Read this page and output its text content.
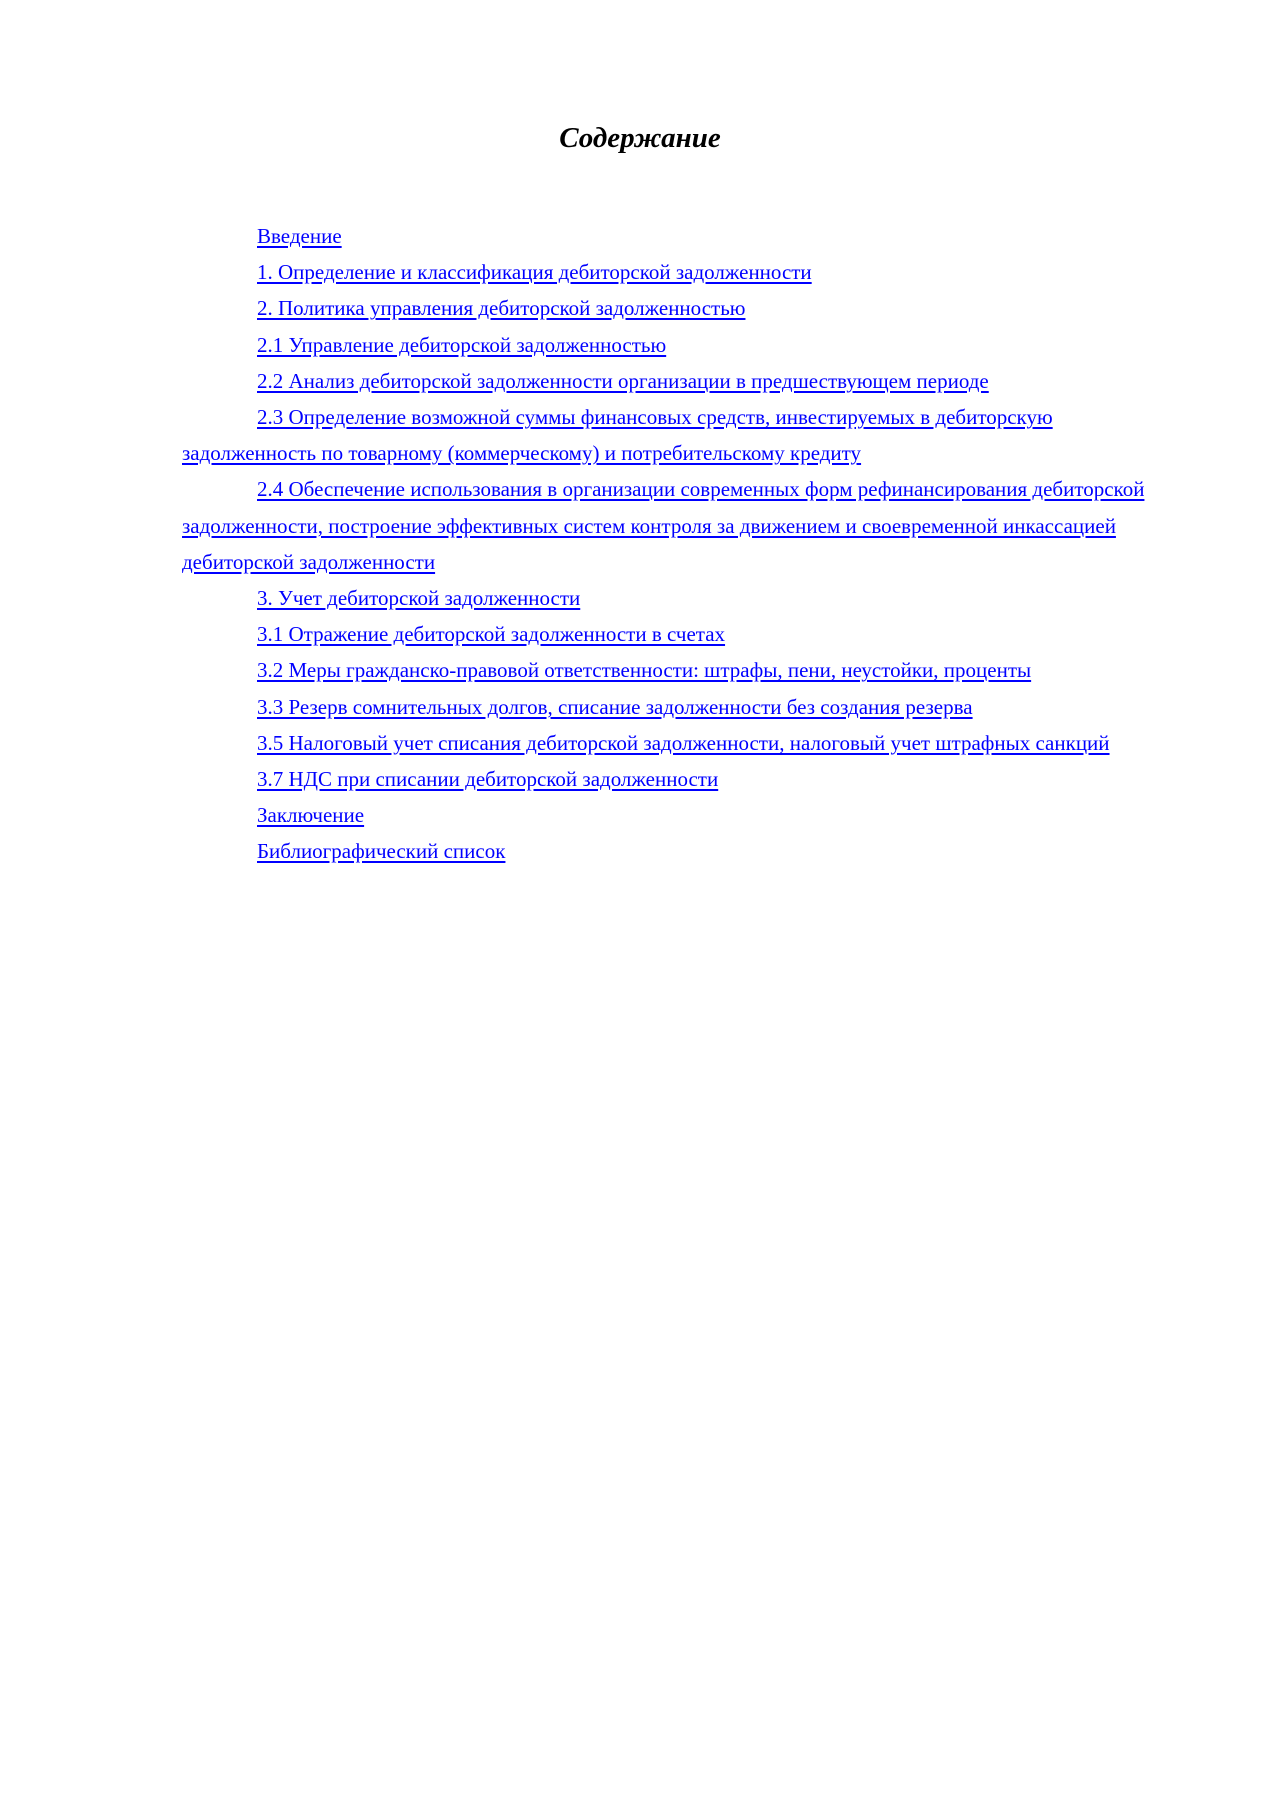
Содержание
Введение
1. Определение и классификация дебиторской задолженности
2. Политика управления дебиторской задолженностью
2.1 Управление дебиторской задолженностью
2.2 Анализ дебиторской задолженности организации в предшествующем периоде
2.3 Определение возможной суммы финансовых средств, инвестируемых в дебиторскую задолженность по товарному (коммерческому) и потребительскому кредиту
2.4 Обеспечение использования в организации современных форм рефинансирования дебиторской задолженности, построение эффективных систем контроля за движением и своевременной инкассацией дебиторской задолженности
3. Учет дебиторской задолженности
3.1 Отражение дебиторской задолженности в счетах
3.2 Меры гражданско-правовой ответственности: штрафы, пени, неустойки, проценты
3.3 Резерв сомнительных долгов, списание задолженности без создания резерва
3.5 Налоговый учет списания дебиторской задолженности, налоговый учет штрафных санкций
3.7 НДС при списании дебиторской задолженности
Заключение
Библиографический список
